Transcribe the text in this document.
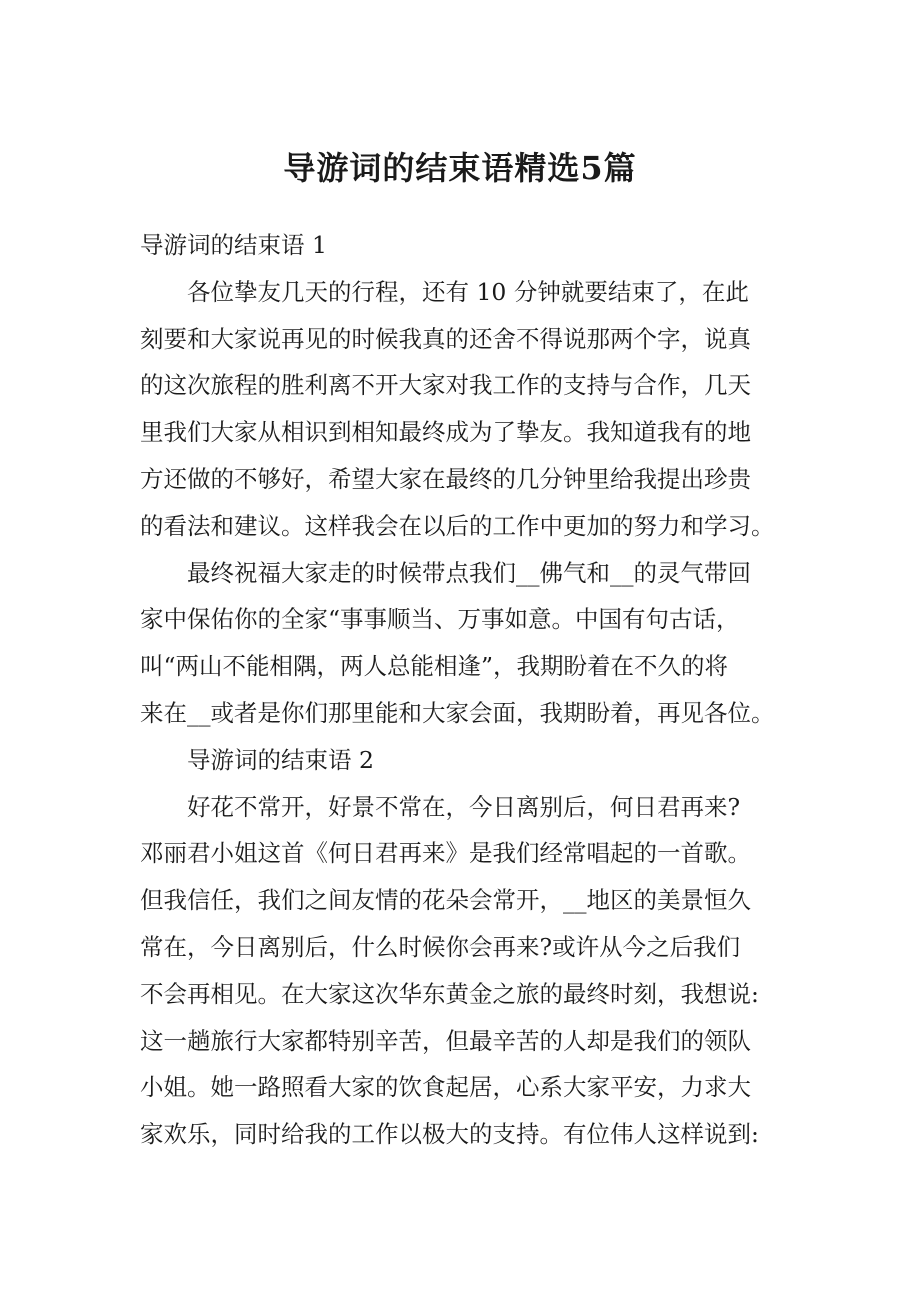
导游词的结束语精选5篇
导游词的结束语 1
各位挚友几天的行程，还有 10 分钟就要结束了，在此
刻要和大家说再见的时候我真的还舍不得说那两个字，说真
的这次旅程的胜利离不开大家对我工作的支持与合作，几天
里我们大家从相识到相知最终成为了挚友。我知道我有的地
方还做的不够好，希望大家在最终的几分钟里给我提出珍贵
的看法和建议。这样我会在以后的工作中更加的努力和学习。
最终祝福大家走的时候带点我们__佛气和__的灵气带回
家中保佑你的全家“事事顺当、万事如意。中国有句古话，
叫“两山不能相隅，两人总能相逢”，我期盼着在不久的将
来在__或者是你们那里能和大家会面，我期盼着，再见各位。
导游词的结束语 2
好花不常开，好景不常在，今日离别后，何日君再来?
邓丽君小姐这首《何日君再来》是我们经常唱起的一首歌。
但我信任，我们之间友情的花朵会常开，__地区的美景恒久
常在，今日离别后，什么时候你会再来?或许从今之后我们
不会再相见。在大家这次华东黄金之旅的最终时刻，我想说:
这一趟旅行大家都特别辛苦，但最辛苦的人却是我们的领队
小姐。她一路照看大家的饮食起居，心系大家平安，力求大
家欢乐，同时给我的工作以极大的支持。有位伟人这样说到:
